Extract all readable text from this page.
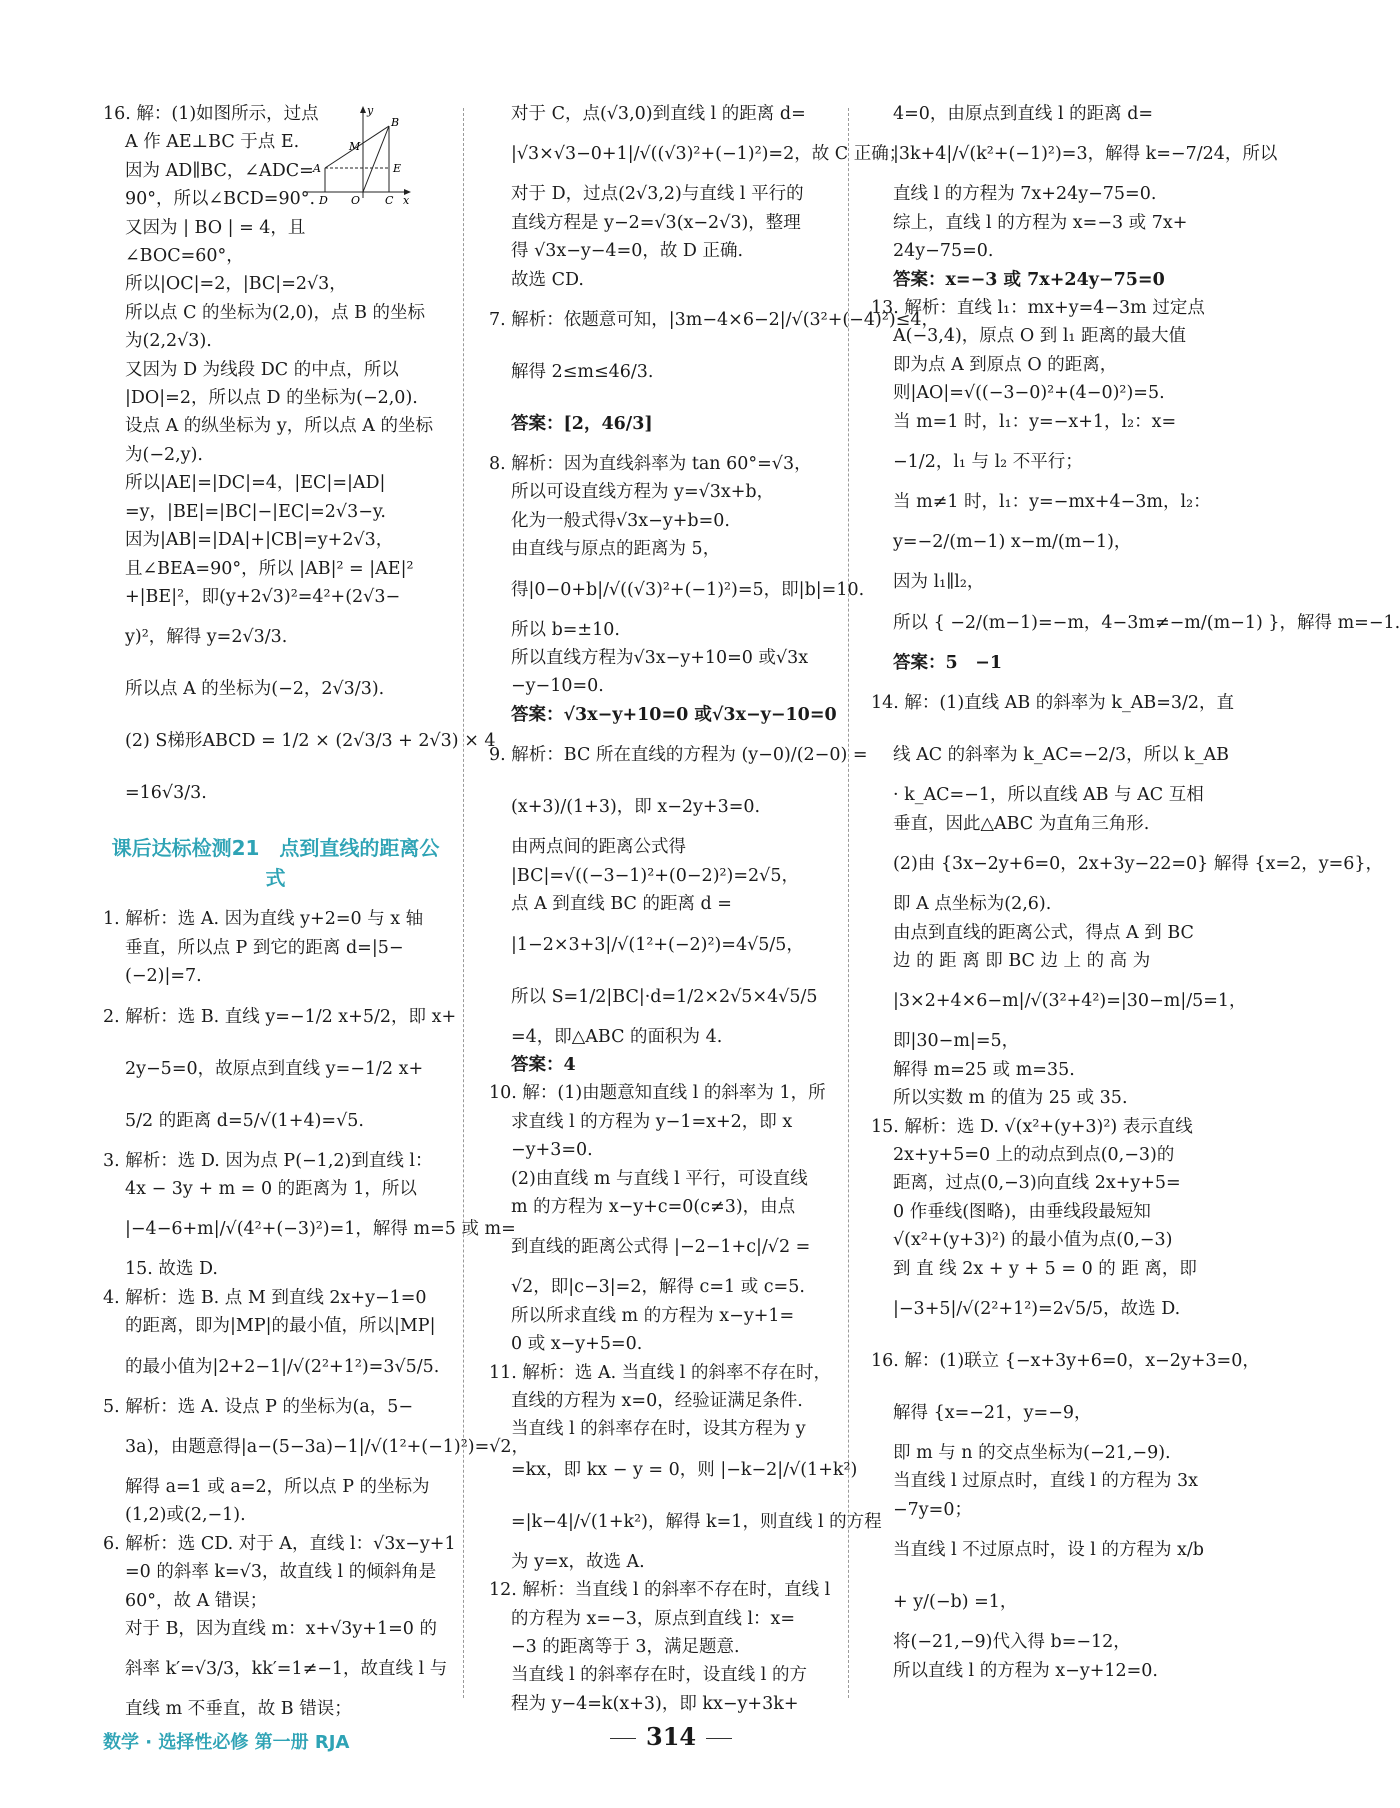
16. 解：(1)如图所示，过点
A 作 AE⊥BC 于点 E.
因为 AD∥BC，∠ADC=
90°，所以∠BCD=90°.
又因为 | BO | = 4，且
∠BOC=60°，
所以|OC|=2，|BC|=2√3，
所以点 C 的坐标为(2,0)，点 B 的坐标
为(2,2√3).
又因为 D 为线段 DC 的中点，所以
|DO|=2，所以点 D 的坐标为(−2,0).
设点 A 的纵坐标为 y，所以点 A 的坐标
为(−2,y).
所以|AE|=|DC|=4，|EC|=|AD|
=y，|BE|=|BC|−|EC|=2√3−y.
因为|AB|=|DA|+|CB|=y+2√3，
且∠BEA=90°，所以 |AB|² = |AE|²
+|BE|²，即(y+2√3)²=4²+(2√3−
y)²，解得 y=2√3/3.
所以点 A 的坐标为(−2，2√3/3).
(2) S梯形ABCD = 1/2 × (2√3/3 + 2√3) × 4
=16√3/3.
y
B
M
A	E
D O C x
课后达标检测21　点到直线的距离公式
1. 解析：选 A. 因为直线 y+2=0 与 x 轴
垂直，所以点 P 到它的距离 d=|5−
(−2)|=7.
2. 解析：选 B. 直线 y=−1/2 x+5/2，即 x+
2y−5=0，故原点到直线 y=−1/2 x+
5/2 的距离 d=5/√(1+4)=√5.
3. 解析：选 D. 因为点 P(−1,2)到直线 l：
4x − 3y + m = 0 的距离为 1，所以
|−4−6+m|/√(4²+(−3)²)=1，解得 m=5 或 m=
15. 故选 D.
4. 解析：选 B. 点 M 到直线 2x+y−1=0
的距离，即为|MP|的最小值，所以|MP|
的最小值为|2+2−1|/√(2²+1²)=3√5/5.
5. 解析：选 A. 设点 P 的坐标为(a，5−
3a)，由题意得|a−(5−3a)−1|/√(1²+(−1)²)=√2，
解得 a=1 或 a=2，所以点 P 的坐标为
(1,2)或(2,−1).
6. 解析：选 CD. 对于 A，直线 l：√3x−y+1
=0 的斜率 k=√3，故直线 l 的倾斜角是
60°，故 A 错误；
对于 B，因为直线 m：x+√3y+1=0 的
斜率 k′=√3/3，kk′=1≠−1，故直线 l 与
直线 m 不垂直，故 B 错误；
对于 C，点(√3,0)到直线 l 的距离 d=
|√3×√3−0+1|/√((√3)²+(−1)²)=2，故 C 正确；
对于 D，过点(2√3,2)与直线 l 平行的
直线方程是 y−2=√3(x−2√3)，整理
得 √3x−y−4=0，故 D 正确.
故选 CD.
7. 解析：依题意可知，|3m−4×6−2|/√(3²+(−4)²)≤4，
解得 2≤m≤46/3.
答案：[2，46/3]
8. 解析：因为直线斜率为 tan 60°=√3，
所以可设直线方程为 y=√3x+b，
化为一般式得√3x−y+b=0.
由直线与原点的距离为 5，
得|0−0+b|/√((√3)²+(−1)²)=5，即|b|=10.
所以 b=±10.
所以直线方程为√3x−y+10=0 或√3x
−y−10=0.
答案：√3x−y+10=0 或√3x−y−10=0
9. 解析：BC 所在直线的方程为 (y−0)/(2−0) =
(x+3)/(1+3)，即 x−2y+3=0.
由两点间的距离公式得
|BC|=√((−3−1)²+(0−2)²)=2√5，
点 A 到直线 BC 的距离 d =
|1−2×3+3|/√(1²+(−2)²)=4√5/5，
所以 S=1/2|BC|·d=1/2×2√5×4√5/5
=4，即△ABC 的面积为 4.
答案：4
10. 解：(1)由题意知直线 l 的斜率为 1，所
求直线 l 的方程为 y−1=x+2，即 x
−y+3=0.
(2)由直线 m 与直线 l 平行，可设直线
m 的方程为 x−y+c=0(c≠3)，由点
到直线的距离公式得 |−2−1+c|/√2 =
√2，即|c−3|=2，解得 c=1 或 c=5.
所以所求直线 m 的方程为 x−y+1=
0 或 x−y+5=0.
11. 解析：选 A. 当直线 l 的斜率不存在时，
直线的方程为 x=0，经验证满足条件.
当直线 l 的斜率存在时，设其方程为 y
=kx，即 kx − y = 0，则 |−k−2|/√(1+k²)
=|k−4|/√(1+k²)，解得 k=1，则直线 l 的方程
为 y=x，故选 A.
12. 解析：当直线 l 的斜率不存在时，直线 l
的方程为 x=−3，原点到直线 l：x=
−3 的距离等于 3，满足题意.
当直线 l 的斜率存在时，设直线 l 的方
程为 y−4=k(x+3)，即 kx−y+3k+
4=0，由原点到直线 l 的距离 d=
|3k+4|/√(k²+(−1)²)=3，解得 k=−7/24，所以
直线 l 的方程为 7x+24y−75=0.
综上，直线 l 的方程为 x=−3 或 7x+
24y−75=0.
答案：x=−3 或 7x+24y−75=0
13. 解析：直线 l₁：mx+y=4−3m 过定点
A(−3,4)，原点 O 到 l₁ 距离的最大值
即为点 A 到原点 O 的距离，
则|AO|=√((−3−0)²+(4−0)²)=5.
当 m=1 时，l₁：y=−x+1，l₂：x=
−1/2，l₁ 与 l₂ 不平行；
当 m≠1 时，l₁：y=−mx+4−3m，l₂：
y=−2/(m−1) x−m/(m−1)，
因为 l₁∥l₂，
所以 { −2/(m−1)=−m，4−3m≠−m/(m−1) }，解得 m=−1.
答案：5　−1
14. 解：(1)直线 AB 的斜率为 k_AB=3/2，直
线 AC 的斜率为 k_AC=−2/3，所以 k_AB
· k_AC=−1，所以直线 AB 与 AC 互相
垂直，因此△ABC 为直角三角形.
(2)由 {3x−2y+6=0，2x+3y−22=0} 解得 {x=2，y=6}，
即 A 点坐标为(2,6).
由点到直线的距离公式，得点 A 到 BC
边 的 距 离 即 BC 边 上 的 高 为
|3×2+4×6−m|/√(3²+4²)=|30−m|/5=1，
即|30−m|=5，
解得 m=25 或 m=35.
所以实数 m 的值为 25 或 35.
15. 解析：选 D. √(x²+(y+3)²) 表示直线
2x+y+5=0 上的动点到点(0,−3)的
距离，过点(0,−3)向直线 2x+y+5=
0 作垂线(图略)，由垂线段最短知
√(x²+(y+3)²) 的最小值为点(0,−3)
到 直 线 2x + y + 5 = 0 的 距 离，即
|−3+5|/√(2²+1²)=2√5/5，故选 D.
16. 解：(1)联立 {−x+3y+6=0，x−2y+3=0，
解得 {x=−21，y=−9，
即 m 与 n 的交点坐标为(−21,−9).
当直线 l 过原点时，直线 l 的方程为 3x
−7y=0；
当直线 l 不过原点时，设 l 的方程为 x/b
+ y/(−b) =1，
将(−21,−9)代入得 b=−12，
所以直线 l 的方程为 x−y+12=0.
数学 · 选择性必修 第一册 RJA	314
